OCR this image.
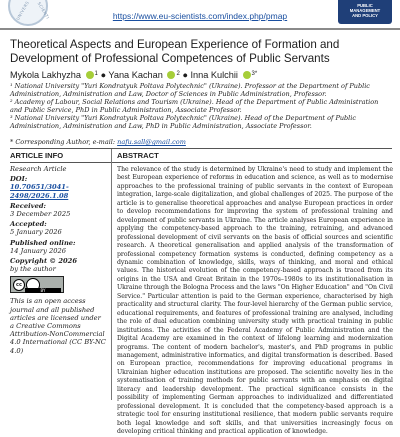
UNIVERS SCIENTI	https://www.eu-scientists.com/index.php/pmap
PUBLIC
MANAGEMENT
AND POLICY
Theoretical Aspects and European Experience of Formation and Development of Professional Competences of Public Servants
Mykola Lakhyzha $^1$ ● Yana Kachan $^2$ ● Inna Kulchii $^{3*}$

¹ National University "Yuri Kondratyuk Poltava Polytechnic" (Ukraine). Professor at the Department of Public Administration, Administration and Law, Doctor of Sciences in Public Administration, Professor.

² Academy of Labour, Social Relations and Tourism (Ukraine). Head of the Department of Public Administration and Public Service, PhD in Public Administration, Associate Professor.

³ National University "Yuri Kondratyuk Poltava Polytechnic" (Ukraine). Head of the Department of Public Administration, Administration and Law, PhD in Public Administration, Associate Professor.

* Corresponding Author, e-mail: nafu.sall@gmail.com
ARTICLE INFO	ABSTRACT
Research Article
DOI:
10.70651/3041-2498/2026.1.08
Received:
3 December 2025
Accepted:
5 January 2026
Published online:
14 January 2026
Copyright © 2026
by the author
cc
BY
This is an open access journal and all published articles are licensed under a Creative Commons Attribution-NonCommercial 4.0 International (CC BY-NC 4.0)
The relevance of the study is determined by Ukraine's need to study and implement the best European experience of reforms in education and science, as well as to modernise approaches to the professional training of public servants in the context of European integration, large-scale digitalization, and global challenges of 2025. The purpose of the article is to generalise theoretical approaches and analyse European practices in order to develop recommendations for improving the system of professional training and development of public servants in Ukraine. The article analyses European experience in applying the competency-based approach to the training, retraining, and advanced professional development of civil servants on the basis of official sources and scientific research. A theoretical generalisation and applied analysis of the transformation of professional competency formation systems is conducted, defining competency as a dynamic combination of knowledge, skills, ways of thinking, and moral and ethical values. The historical evolution of the competency-based approach is traced from its origins in the USA and Great Britain in the 1970s–1980s to its institutionalisation in Ukraine through the Bologna Process and the laws "On Higher Education" and "On Civil Service." Particular attention is paid to the German experience, characterised by high practicality and structural clarity. The four-level hierarchy of the German public service, educational requirements, and features of professional training are analysed, including the role of dual education combining university study with practical training in public institutions. The activities of the Federal Academy of Public Administration and the Digital Academy are examined in the context of lifelong learning and modernization programs. The content of modern bachelor's, master's, and PhD programs in public management, administrative informatics, and digital transformation is described. Based on European practice, recommendations for improving educational programs in Ukrainian higher education institutions are proposed. The scientific novelty lies in the systematisation of training methods for public servants with an emphasis on digital literacy and leadership development. The practical significance consists in the possibility of implementing German approaches to individualized and differentiated professional development. It is concluded that the competency-based approach is a strategic tool for ensuring institutional resilience, that modern public servants require both legal knowledge and soft skills, and that universities increasingly focus on developing critical thinking and practical application of knowledge.
